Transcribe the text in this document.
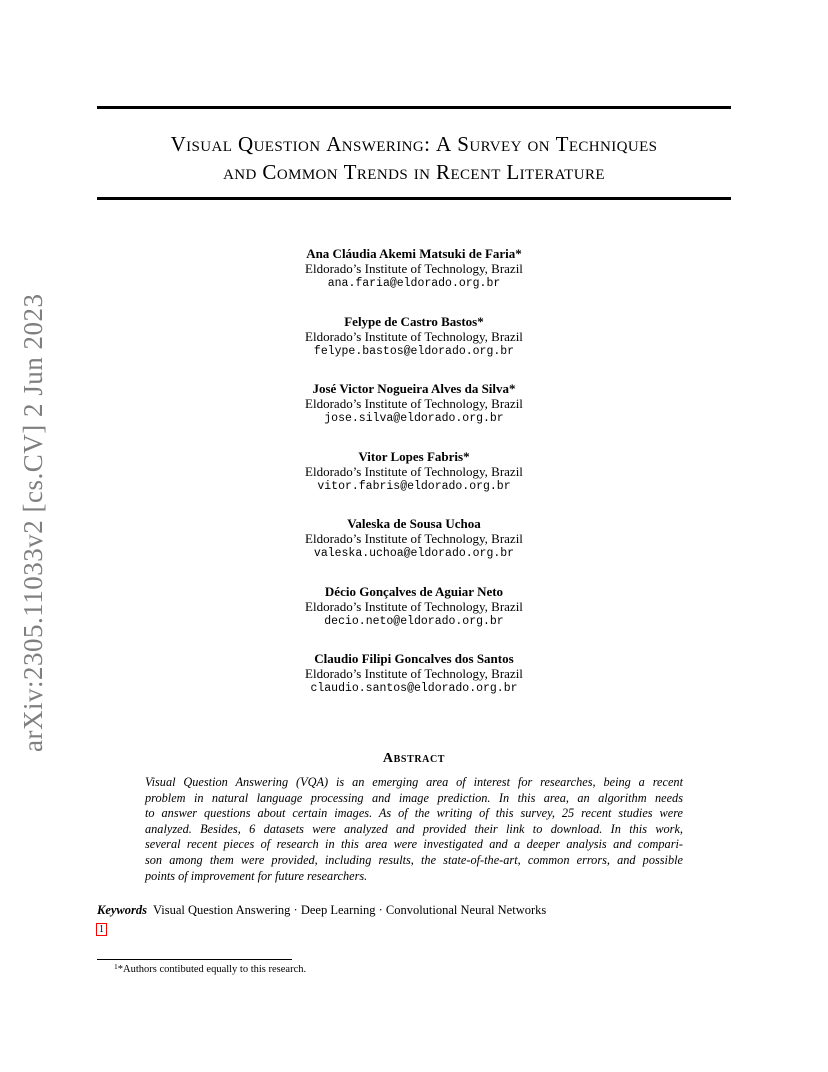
Visual Question Answering: A Survey on Techniques
and Common Trends in Recent Literature
arXiv:2305.11033v2 [cs.CV] 2 Jun 2023
Ana Cláudia Akemi Matsuki de Faria*
Eldorado’s Institute of Technology, Brazil
ana.faria@eldorado.org.br
Felype de Castro Bastos*
Eldorado’s Institute of Technology, Brazil
felype.bastos@eldorado.org.br
José Victor Nogueira Alves da Silva*
Eldorado’s Institute of Technology, Brazil
jose.silva@eldorado.org.br
Vitor Lopes Fabris*
Eldorado’s Institute of Technology, Brazil
vitor.fabris@eldorado.org.br
Valeska de Sousa Uchoa
Eldorado’s Institute of Technology, Brazil
valeska.uchoa@eldorado.org.br
Décio Gonçalves de Aguiar Neto
Eldorado’s Institute of Technology, Brazil
decio.neto@eldorado.org.br
Claudio Filipi Goncalves dos Santos
Eldorado’s Institute of Technology, Brazil
claudio.santos@eldorado.org.br
Abstract
Visual Question Answering (VQA) is an emerging area of interest for researches, being a recent
problem in natural language processing and image prediction. In this area, an algorithm needs
to answer questions about certain images. As of the writing of this survey, 25 recent studies were
analyzed. Besides, 6 datasets were analyzed and provided their link to download. In this work,
several recent pieces of research in this area were investigated and a deeper analysis and compari-
son among them were provided, including results, the state-of-the-art, common errors, and possible
points of improvement for future researchers.
Keywords Visual Question Answering · Deep Learning · Convolutional Neural Networks
1
$^1$*Authors contibuted equally to this research.
